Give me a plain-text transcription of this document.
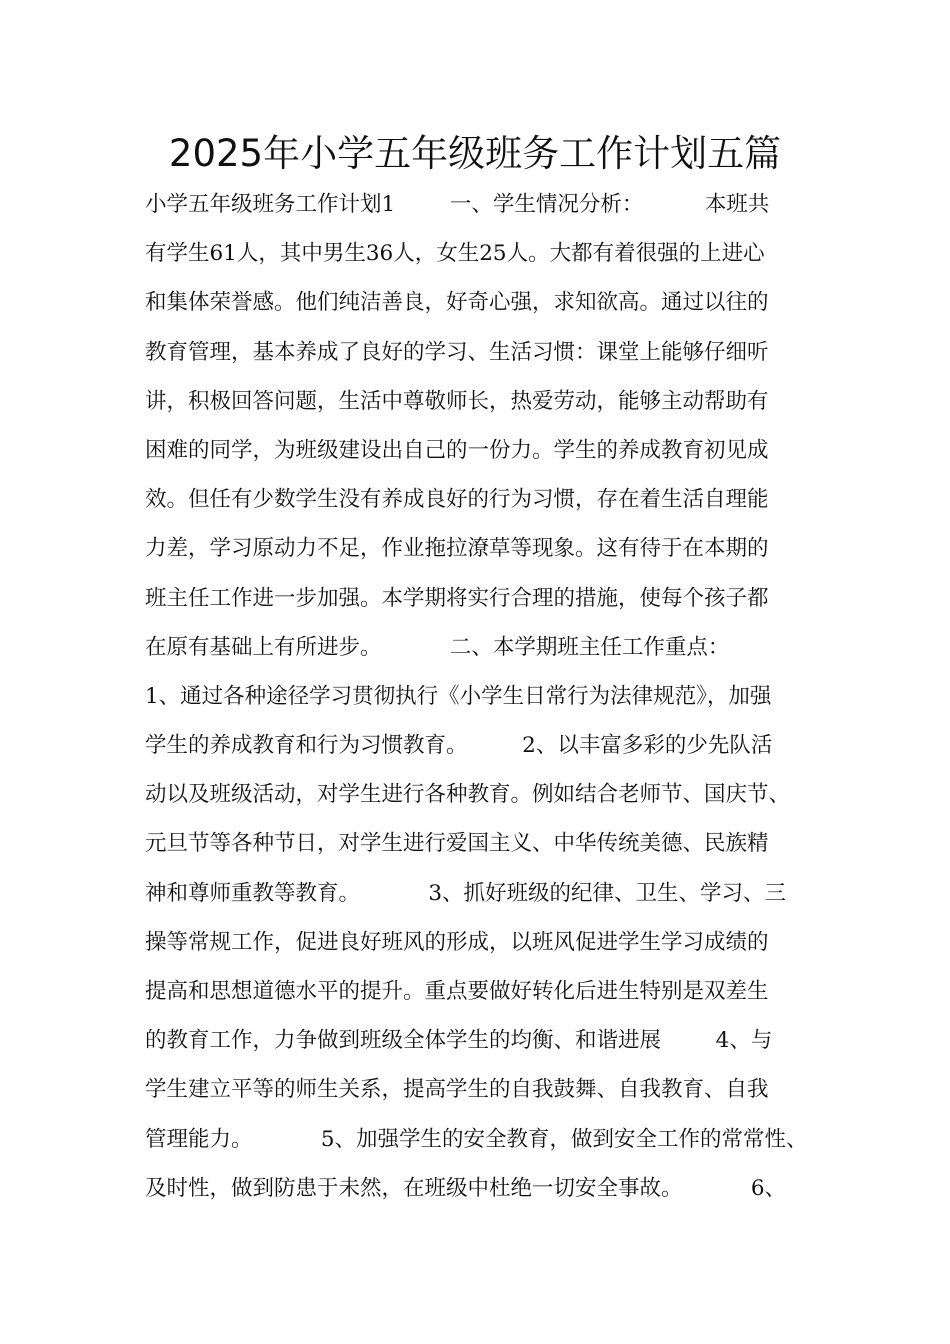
2025年小学五年级班务工作计划五篇
小学五年级班务工作计划1        一、学生情况分析：         本班共
有学生61人，其中男生36人，女生25人。大都有着很强的上进心
和集体荣誉感。他们纯洁善良，好奇心强，求知欲高。通过以往的
教育管理，基本养成了良好的学习、生活习惯：课堂上能够仔细听
讲，积极回答问题，生活中尊敬师长，热爱劳动，能够主动帮助有
困难的同学，为班级建设出自己的一份力。学生的养成教育初见成
效。但任有少数学生没有养成良好的行为习惯，存在着生活自理能
力差，学习原动力不足，作业拖拉潦草等现象。这有待于在本期的
班主任工作进一步加强。本学期将实行合理的措施，使每个孩子都
在原有基础上有所进步。          二、本学期班主任工作重点：
1、通过各种途径学习贯彻执行《小学生日常行为法律规范》，加强
学生的养成教育和行为习惯教育。        2、以丰富多彩的少先队活
动以及班级活动，对学生进行各种教育。例如结合老师节、国庆节、
元旦节等各种节日，对学生进行爱国主义、中华传统美德、民族精
神和尊师重教等教育。          3、抓好班级的纪律、卫生、学习、三
操等常规工作，促进良好班风的形成，以班风促进学生学习成绩的
提高和思想道德水平的提升。重点要做好转化后进生特别是双差生
的教育工作，力争做到班级全体学生的均衡、和谐进展        4、与
学生建立平等的师生关系，提高学生的自我鼓舞、自我教育、自我
管理能力。          5、加强学生的安全教育，做到安全工作的常常性、
及时性，做到防患于未然，在班级中杜绝一切安全事故。          6、
